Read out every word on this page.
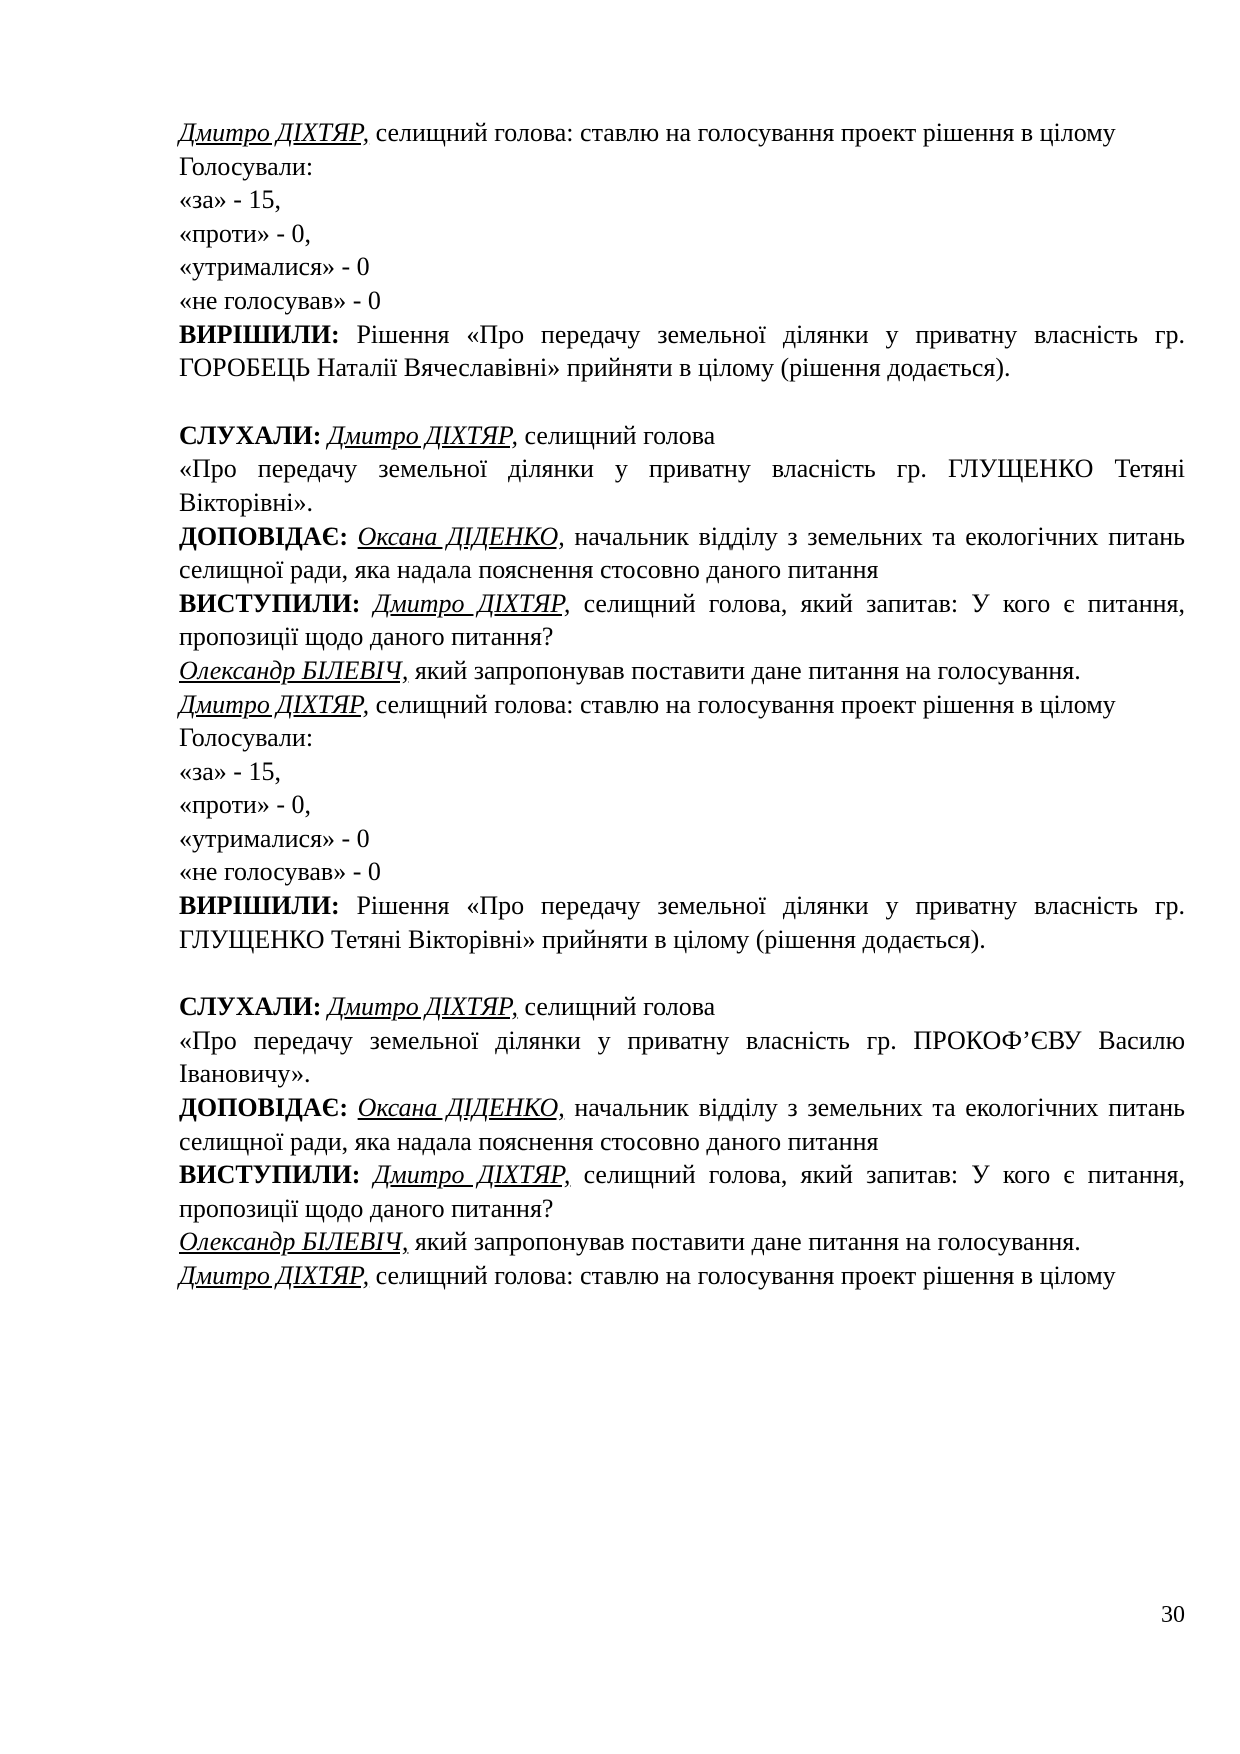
Дмитро ДІХТЯР, селищний голова: ставлю на голосування проект рішення в цілому

Голосували:

«за» - 15,

«проти» - 0,

«утрималися» - 0

«не голосував» - 0

ВИРІШИЛИ: Рішення «Про передачу земельної ділянки у приватну власність гр. ГОРОБЕЦЬ Наталії Вячеславівні» прийняти в цілому (рішення додається).

СЛУХАЛИ: Дмитро ДІХТЯР, селищний голова

«Про передачу земельної ділянки у приватну власність гр. ГЛУЩЕНКО Тетяні Вікторівні».

ДОПОВІДАЄ: Оксана ДІДЕНКО, начальник відділу з земельних та екологічних питань селищної ради, яка надала пояснення стосовно даного питання

ВИСТУПИЛИ: Дмитро ДІХТЯР, селищний голова, який запитав: У кого є питання, пропозиції щодо даного питання?

Олександр БІЛЕВІЧ, який запропонував поставити дане питання на голосування.

Дмитро ДІХТЯР, селищний голова: ставлю на голосування проект рішення в цілому

Голосували:

«за» - 15,

«проти» - 0,

«утрималися» - 0

«не голосував» - 0

ВИРІШИЛИ: Рішення «Про передачу земельної ділянки у приватну власність гр. ГЛУЩЕНКО Тетяні Вікторівні» прийняти в цілому (рішення додається).

СЛУХАЛИ: Дмитро ДІХТЯР, селищний голова

«Про передачу земельної ділянки у приватну власність гр. ПРОКОФ’ЄВУ Василю Івановичу».

ДОПОВІДАЄ: Оксана ДІДЕНКО, начальник відділу з земельних та екологічних питань селищної ради, яка надала пояснення стосовно даного питання

ВИСТУПИЛИ: Дмитро ДІХТЯР, селищний голова, який запитав: У кого є питання, пропозиції щодо даного питання?

Олександр БІЛЕВІЧ, який запропонував поставити дане питання на голосування.

Дмитро ДІХТЯР, селищний голова: ставлю на голосування проект рішення в цілому

30
